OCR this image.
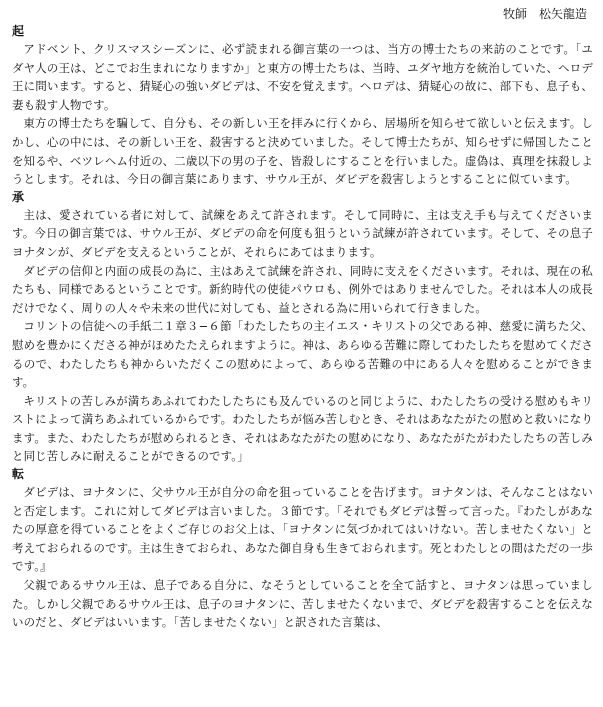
牧師　松矢龍造
起

アドベント、クリスマスシーズンに、必ず読まれる御言葉の一つは、当方の博士たちの来訪のことです。「ユダヤ人の王は、どこでお生まれになりますか」と東方の博士たちは、当時、ユダヤ地方を統治していた、ヘロデ王に問います。すると、猜疑心の強いダビデは、不安を覚えます。ヘロデは、猜疑心の故に、部下も、息子も、妻も殺す人物です。

東方の博士たちを騙して、自分も、その新しい王を拝みに行くから、居場所を知らせて欲しいと伝えます。しかし、心の中には、その新しい王を、殺害すると決めていました。そして博士たちが、知らせずに帰国したことを知るや、ベツレヘム付近の、二歳以下の男の子を、皆殺しにすることを行いました。虚偽は、真理を抹殺しようとします。それは、今日の御言葉にあります、サウル王が、ダビデを殺害しようとすることに似ています。

承

主は、愛されている者に対して、試練をあえて許されます。そして同時に、主は支え手も与えてくださいます。今日の御言葉では、サウル王が、ダビデの命を何度も狙うという試練が許されています。そして、その息子ヨナタンが、ダビデを支えるということが、それらにあてはまります。

ダビデの信仰と内面の成長の為に、主はあえて試練を許され、同時に支えをくださいます。それは、現在の私たちも、同様であるということです。新約時代の使徒パウロも、例外ではありませんでした。それは本人の成長だけでなく、周りの人々や未来の世代に対しても、益とされる為に用いられて行きました。

コリントの信徒への手紙二１章３−６節「わたしたちの主イエス・キリストの父である神、慈愛に満ちた父、慰めを豊かにくださる神がほめたたえられますように。神は、あらゆる苦難に際してわたしたちを慰めてくださるので、わたしたちも神からいただくこの慰めによって、あらゆる苦難の中にある人々を慰めることができます。

キリストの苦しみが満ちあふれてわたしたちにも及んでいるのと同じように、わたしたちの受ける慰めもキリストによって満ちあふれているからです。わたしたちが悩み苦しむとき、それはあなたがたの慰めと救いになります。また、わたしたちが慰められるとき、それはあなたがたの慰めになり、あなたがたがわたしたちの苦しみと同じ苦しみに耐えることができるのです。」

転

ダビデは、ヨナタンに、父サウル王が自分の命を狙っていることを告げます。ヨナタンは、そんなことはないと否定します。これに対してダビデは言いました。３節です。「それでもダビデは誓って言った。『わたしがあなたの厚意を得ていることをよくご存じのお父上は、「ヨナタンに気づかれてはいけない。苦しませたくない」と考えておられるのです。主は生きておられ、あなた御自身も生きておられます。死とわたしとの間はただの一歩です。』

父親であるサウル王は、息子である自分に、なそうとしていることを全て話すと、ヨナタンは思っていました。しかし父親であるサウル王は、息子のヨナタンに、苦しませたくないまで、ダビデを殺害することを伝えないのだと、ダビデはいいます。「苦しませたくない」と訳された言葉は、
